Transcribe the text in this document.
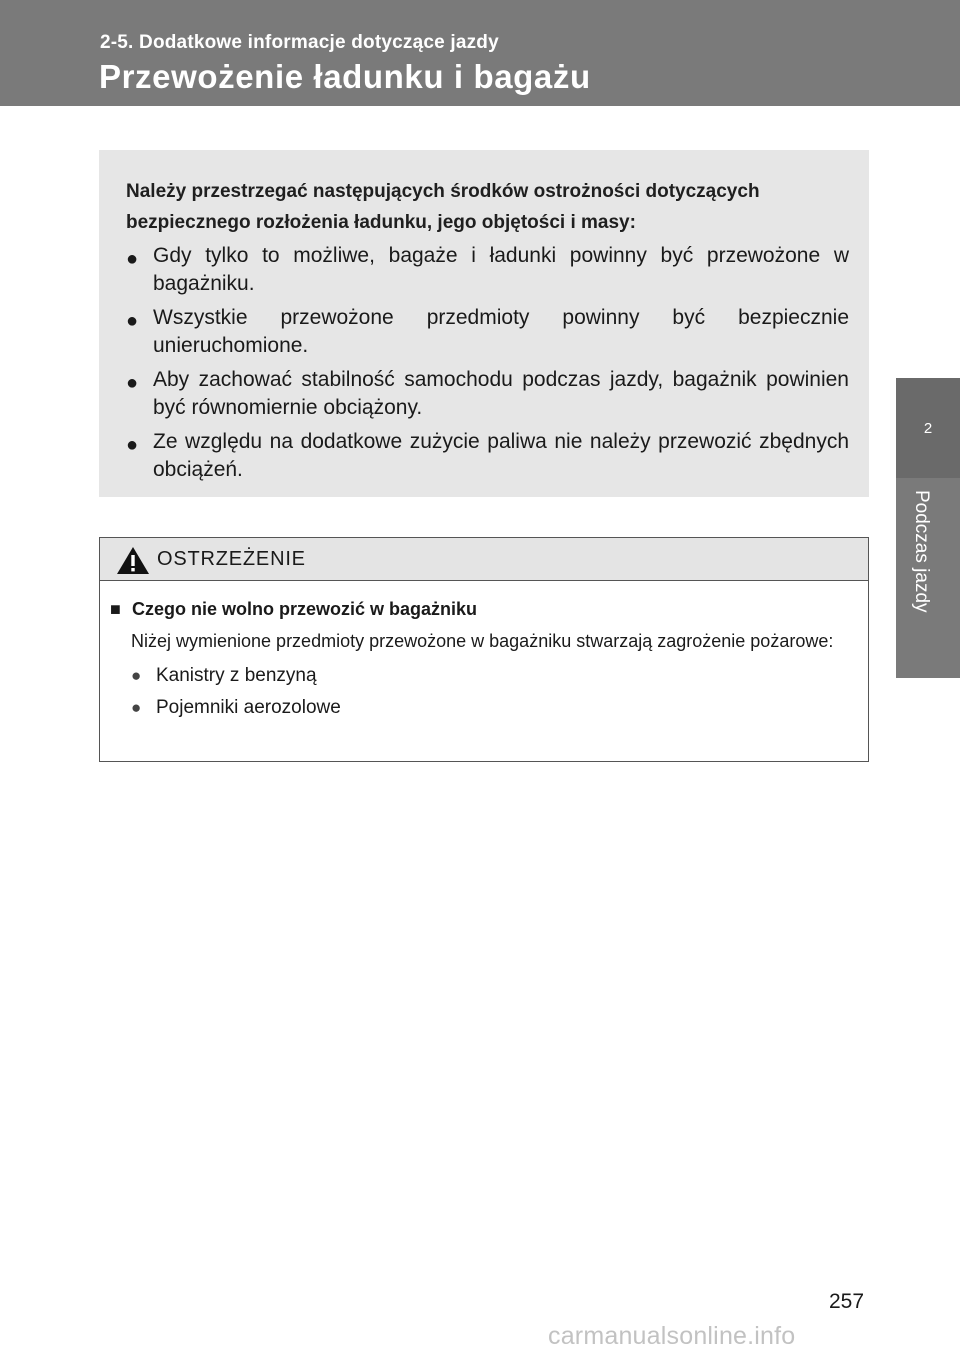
2-5. Dodatkowe informacje dotyczące jazdy
Przewożenie ładunku i bagażu
2
Podczas jazdy
Należy przestrzegać następujących środków ostrożności dotyczących bezpiecznego rozłożenia ładunku, jego objętości i masy:
● Gdy tylko to możliwe, bagaże i ładunki powinny być przewożone w bagażniku.
● Wszystkie przewożone przedmioty powinny być bezpiecznie unieruchomione.
● Aby zachować stabilność samochodu podczas jazdy, bagażnik powinien być równomiernie obciążony.
● Ze względu na dodatkowe zużycie paliwa nie należy przewozić zbędnych obciążeń.
OSTRZEŻENIE
■ Czego nie wolno przewozić w bagażniku
Niżej wymienione przedmioty przewożone w bagażniku stwarzają zagrożenie pożarowe:
● Kanistry z benzyną
● Pojemniki aerozolowe
257
carmanualsonline.info
